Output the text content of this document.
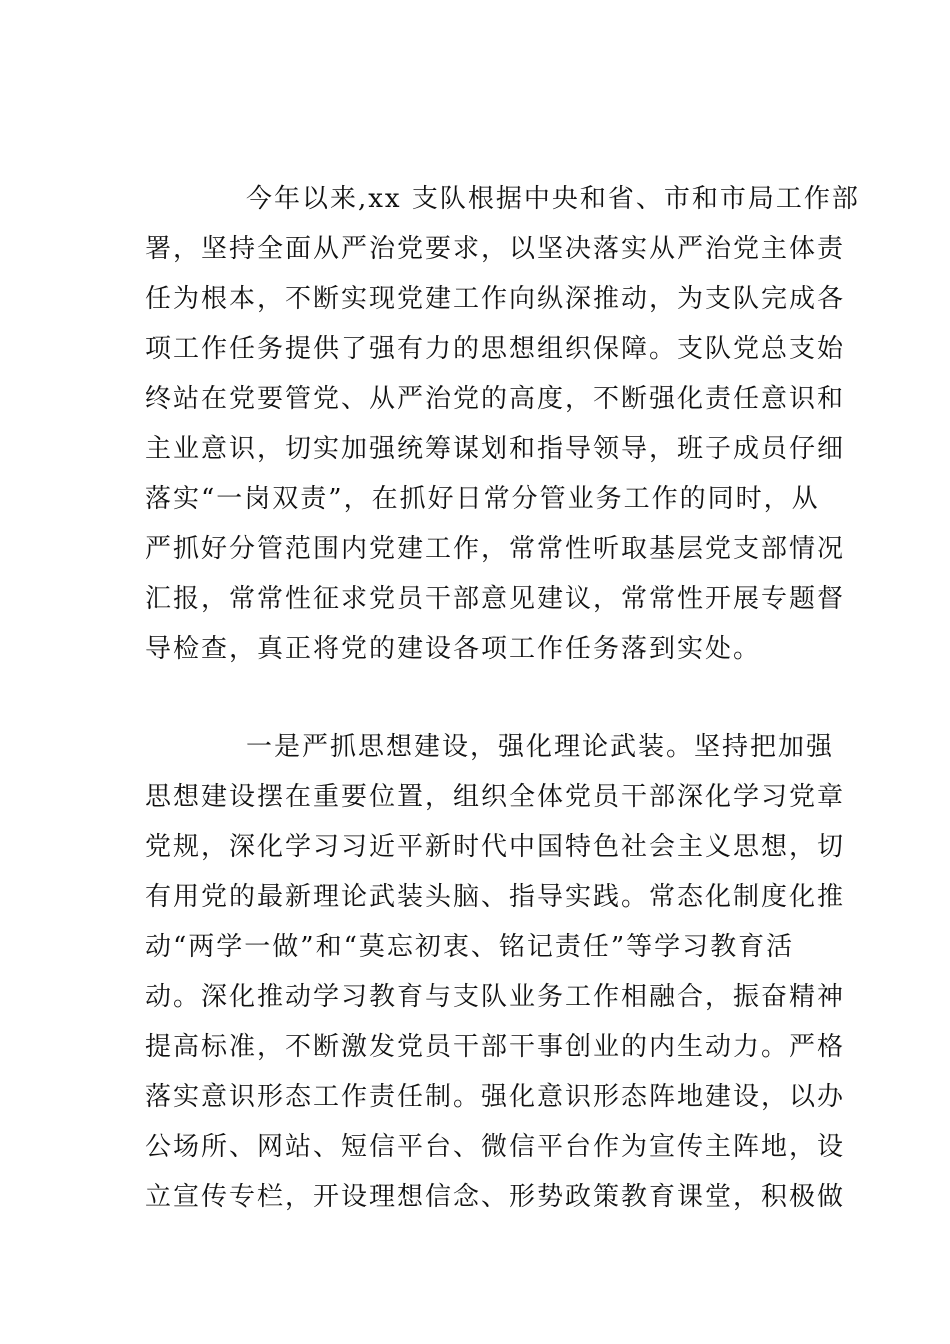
今年以来,xx 支队根据中央和省、市和市局工作部
署，坚持全面从严治党要求，以坚决落实从严治党主体责
任为根本，不断实现党建工作向纵深推动，为支队完成各
项工作任务提供了强有力的思想组织保障。支队党总支始
终站在党要管党、从严治党的高度，不断强化责任意识和
主业意识，切实加强统筹谋划和指导领导，班子成员仔细
落实“一岗双责”，在抓好日常分管业务工作的同时，从
严抓好分管范围内党建工作，常常性听取基层党支部情况
汇报，常常性征求党员干部意见建议，常常性开展专题督
导检查，真正将党的建设各项工作任务落到实处。
一是严抓思想建设，强化理论武装。坚持把加强
思想建设摆在重要位置，组织全体党员干部深化学习党章
党规，深化学习习近平新时代中国特色社会主义思想，切
有用党的最新理论武装头脑、指导实践。常态化制度化推
动“两学一做”和“莫忘初衷、铭记责任”等学习教育活
动。深化推动学习教育与支队业务工作相融合，振奋精神
提高标准，不断激发党员干部干事创业的内生动力。严格
落实意识形态工作责任制。强化意识形态阵地建设，以办
公场所、网站、短信平台、微信平台作为宣传主阵地，设
立宣传专栏，开设理想信念、形势政策教育课堂，积极做
